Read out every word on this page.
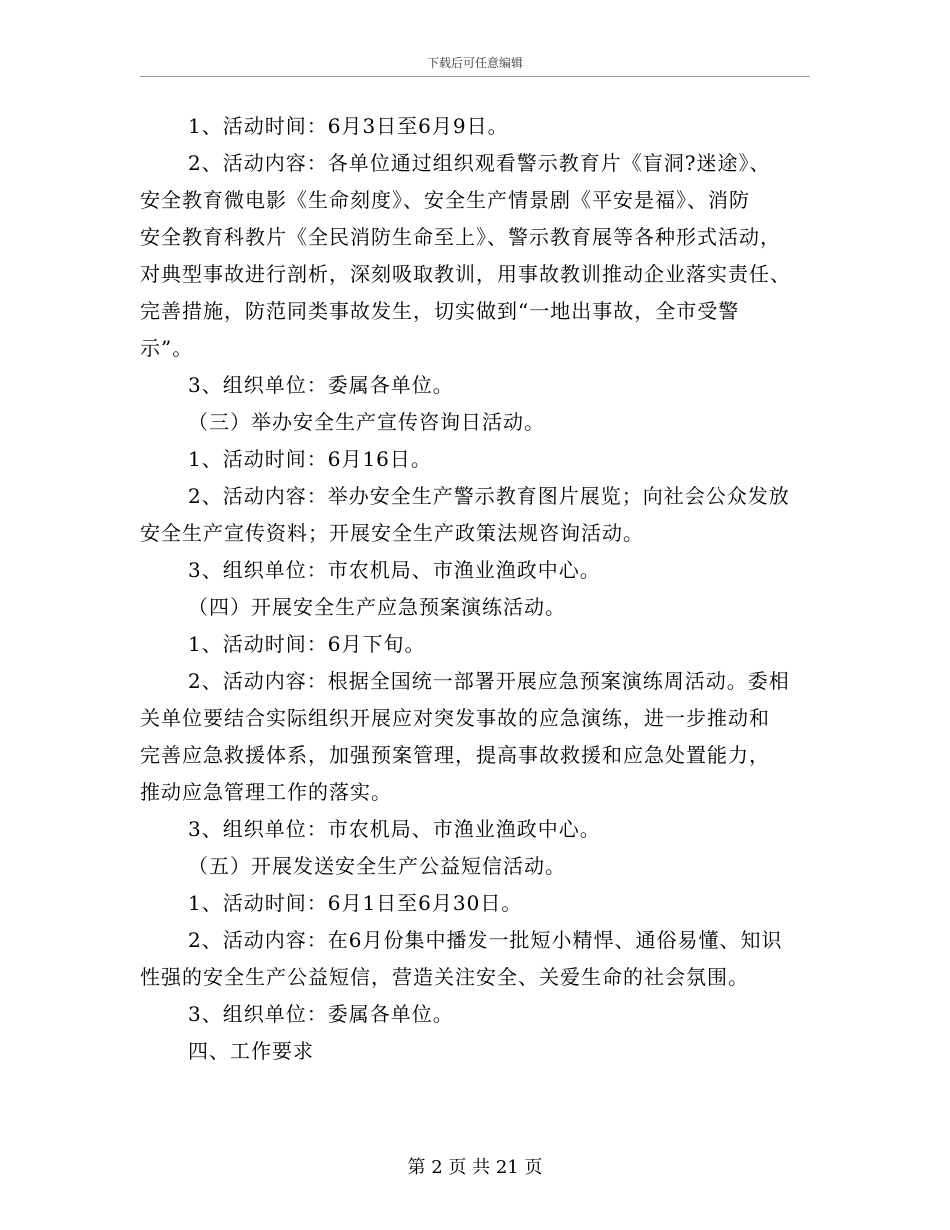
下载后可任意编辑
1、活动时间：6月3日至6月9日。
2、活动内容：各单位通过组织观看警示教育片《盲洞?迷途》、
安全教育微电影《生命刻度》、安全生产情景剧《平安是福》、消防
安全教育科教片《全民消防生命至上》、警示教育展等各种形式活动，
对典型事故进行剖析，深刻吸取教训，用事故教训推动企业落实责任、
完善措施，防范同类事故发生，切实做到“一地出事故，全市受警
示”。
3、组织单位：委属各单位。
（三）举办安全生产宣传咨询日活动。
1、活动时间：6月16日。
2、活动内容：举办安全生产警示教育图片展览；向社会公众发放
安全生产宣传资料；开展安全生产政策法规咨询活动。
3、组织单位：市农机局、市渔业渔政中心。
（四）开展安全生产应急预案演练活动。
1、活动时间：6月下旬。
2、活动内容：根据全国统一部署开展应急预案演练周活动。委相
关单位要结合实际组织开展应对突发事故的应急演练，进一步推动和
完善应急救援体系，加强预案管理，提高事故救援和应急处置能力，
推动应急管理工作的落实。
3、组织单位：市农机局、市渔业渔政中心。
（五）开展发送安全生产公益短信活动。
1、活动时间：6月1日至6月30日。
2、活动内容：在6月份集中播发一批短小精悍、通俗易懂、知识
性强的安全生产公益短信，营造关注安全、关爱生命的社会氛围。
3、组织单位：委属各单位。
四、工作要求
第 2 页 共 21 页
